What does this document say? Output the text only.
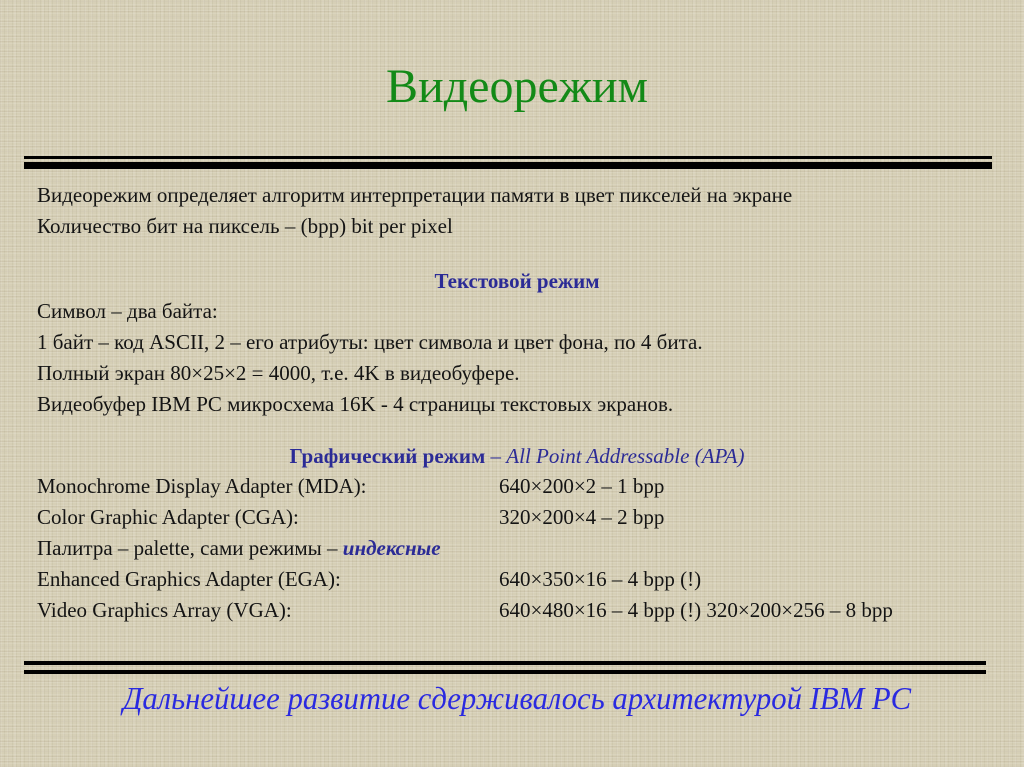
Видеорежим
Видеорежим определяет алгоритм интерпретации памяти в цвет пикселей на экране
Количество бит на пиксель – (bpp) bit per pixel
Текстовой режим
Символ – два байта:
1 байт – код ASCII, 2 – его атрибуты: цвет символа и цвет фона, по 4 бита.
Полный экран 80×25×2 = 4000, т.е. 4K в видеобуфере.
Видеобуфер IBM PC микросхема 16K - 4 страницы текстовых экранов.
Графический режим – All Point Addressable (APA)
Monochrome Display Adapter (MDA):	640×200×2 – 1 bpp
Color Graphic Adapter (CGA):	320×200×4 – 2 bpp
Палитра – palette, сами режимы – индексные
Enhanced Graphics Adapter (EGA):	640×350×16 – 4 bpp (!)
Video Graphics Array (VGA):	640×480×16 – 4 bpp (!) 320×200×256 – 8 bpp
Дальнейшее развитие сдерживалось архитектурой IBM PC
